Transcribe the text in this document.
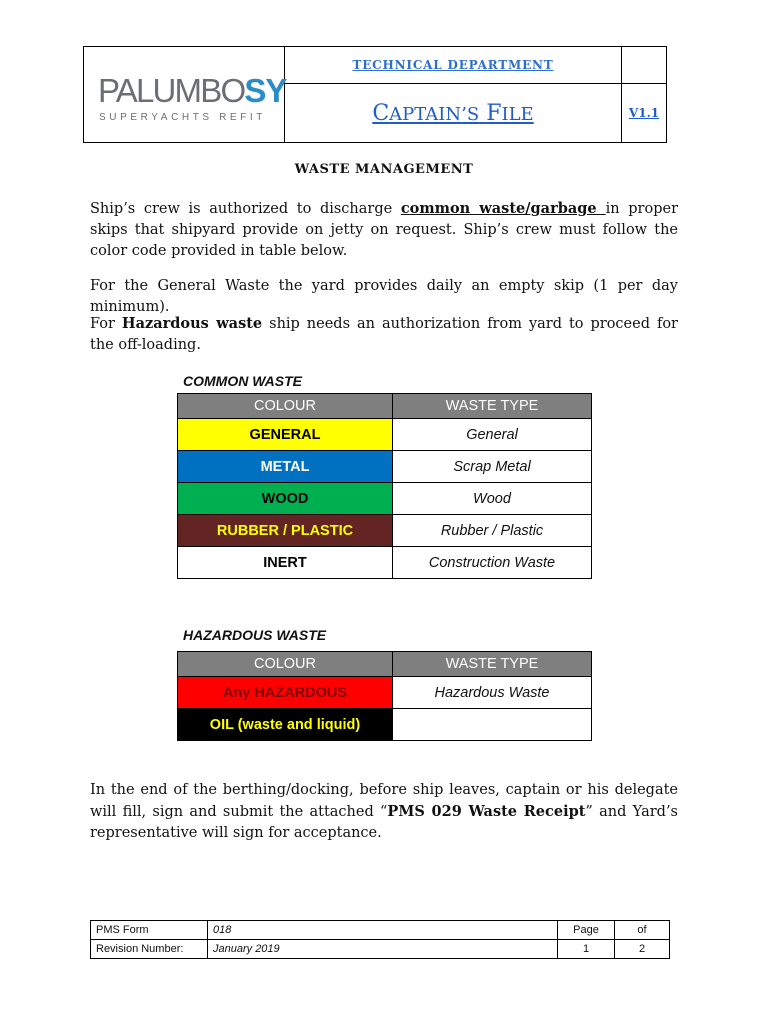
PALUMBOSY
SUPERYACHTS REFIT	TECHNICAL DEPARTMENT	
	CAPTAIN’S FILE	V1.1
WASTE MANAGEMENT

Ship’s crew is authorized to discharge common waste/garbage in proper skips that shipyard provide on jetty on request. Ship’s crew must follow the color code provided in table below.

For the General Waste the yard provides daily an empty skip (1 per day minimum).

For Hazardous waste ship needs an authorization from yard to proceed for the off-loading.

COMMON WASTE
COLOUR	WASTE TYPE
GENERAL	General
METAL	Scrap Metal
WOOD	Wood
RUBBER / PLASTIC	Rubber / Plastic
INERT	Construction Waste
HAZARDOUS WASTE
COLOUR	WASTE TYPE
Any HAZARDOUS	Hazardous Waste
OIL (waste and liquid)	

In the end of the berthing/docking, before ship leaves, captain or his delegate will fill, sign and submit the attached “PMS 029 Waste Receipt” and Yard’s representative will sign for acceptance.

PMS Form	018	Page	of
Revision Number:	January 2019	1	2
